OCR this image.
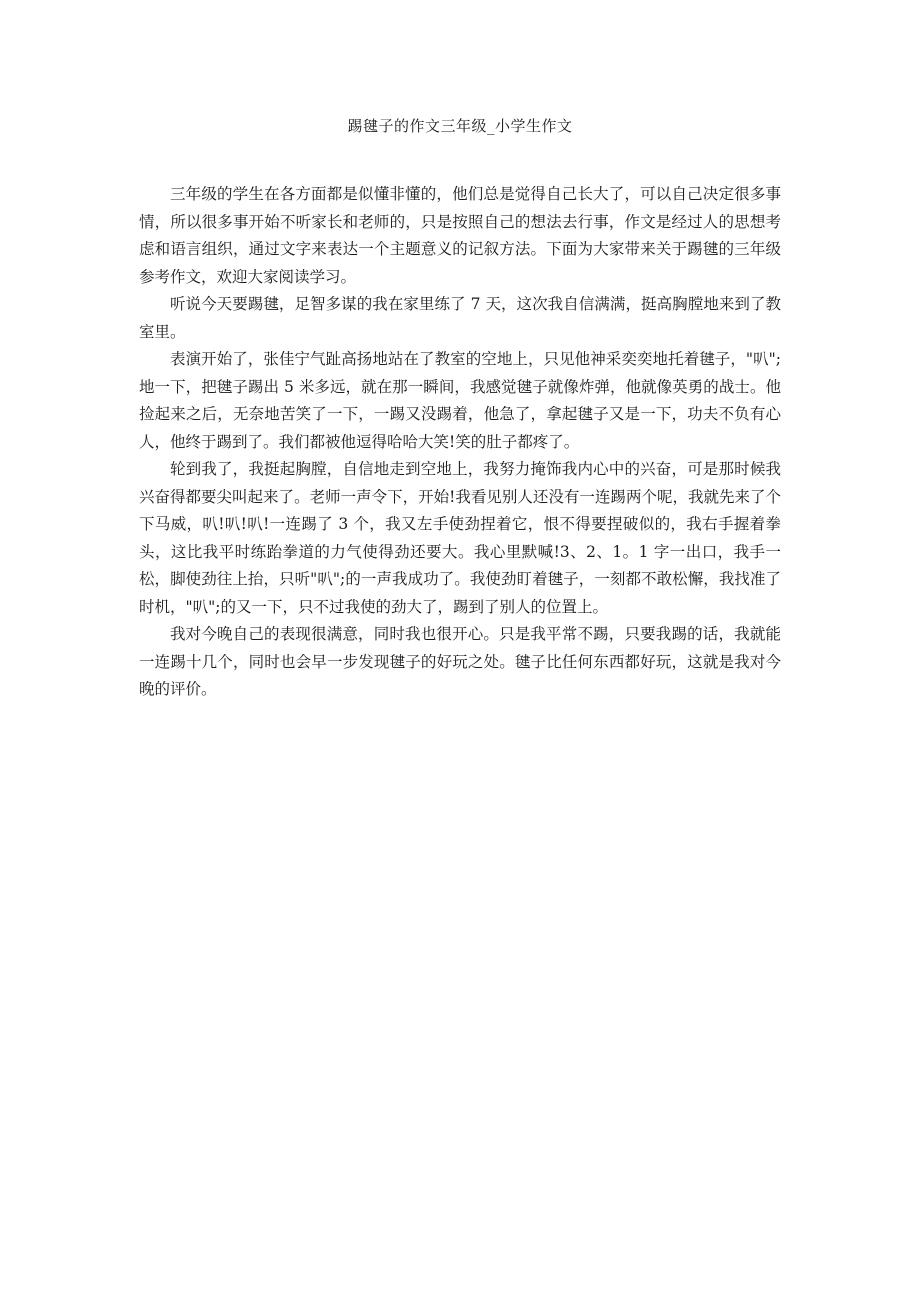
踢毽子的作文三年级_小学生作文

三年级的学生在各方面都是似懂非懂的，他们总是觉得自己长大了，可以自己决定很多事情，所以很多事开始不听家长和老师的，只是按照自己的想法去行事，作文是经过人的思想考虑和语言组织，通过文字来表达一个主题意义的记叙方法。下面为大家带来关于踢毽的三年级参考作文，欢迎大家阅读学习。

听说今天要踢毽，足智多谋的我在家里练了 7 天，这次我自信满满，挺高胸膛地来到了教室里。

表演开始了，张佳宁气趾高扬地站在了教室的空地上，只见他神采奕奕地托着毽子，"叭";地一下，把毽子踢出 5 米多远，就在那一瞬间，我感觉毽子就像炸弹，他就像英勇的战士。他捡起来之后，无奈地苦笑了一下，一踢又没踢着，他急了，拿起毽子又是一下，功夫不负有心人，他终于踢到了。我们都被他逗得哈哈大笑!笑的肚子都疼了。

轮到我了，我挺起胸膛，自信地走到空地上，我努力掩饰我内心中的兴奋，可是那时候我兴奋得都要尖叫起来了。老师一声令下，开始!我看见别人还没有一连踢两个呢，我就先来了个下马威，叭!叭!叭!一连踢了 3 个，我又左手使劲捏着它，恨不得要捏破似的，我右手握着拳头，这比我平时练跆拳道的力气使得劲还要大。我心里默喊!3、2、1。1 字一出口，我手一松，脚使劲往上抬，只听"叭";的一声我成功了。我使劲盯着毽子，一刻都不敢松懈，我找准了时机，"叭";的又一下，只不过我使的劲大了，踢到了别人的位置上。

我对今晚自己的表现很满意，同时我也很开心。只是我平常不踢，只要我踢的话，我就能一连踢十几个，同时也会早一步发现毽子的好玩之处。毽子比任何东西都好玩，这就是我对今晚的评价。
